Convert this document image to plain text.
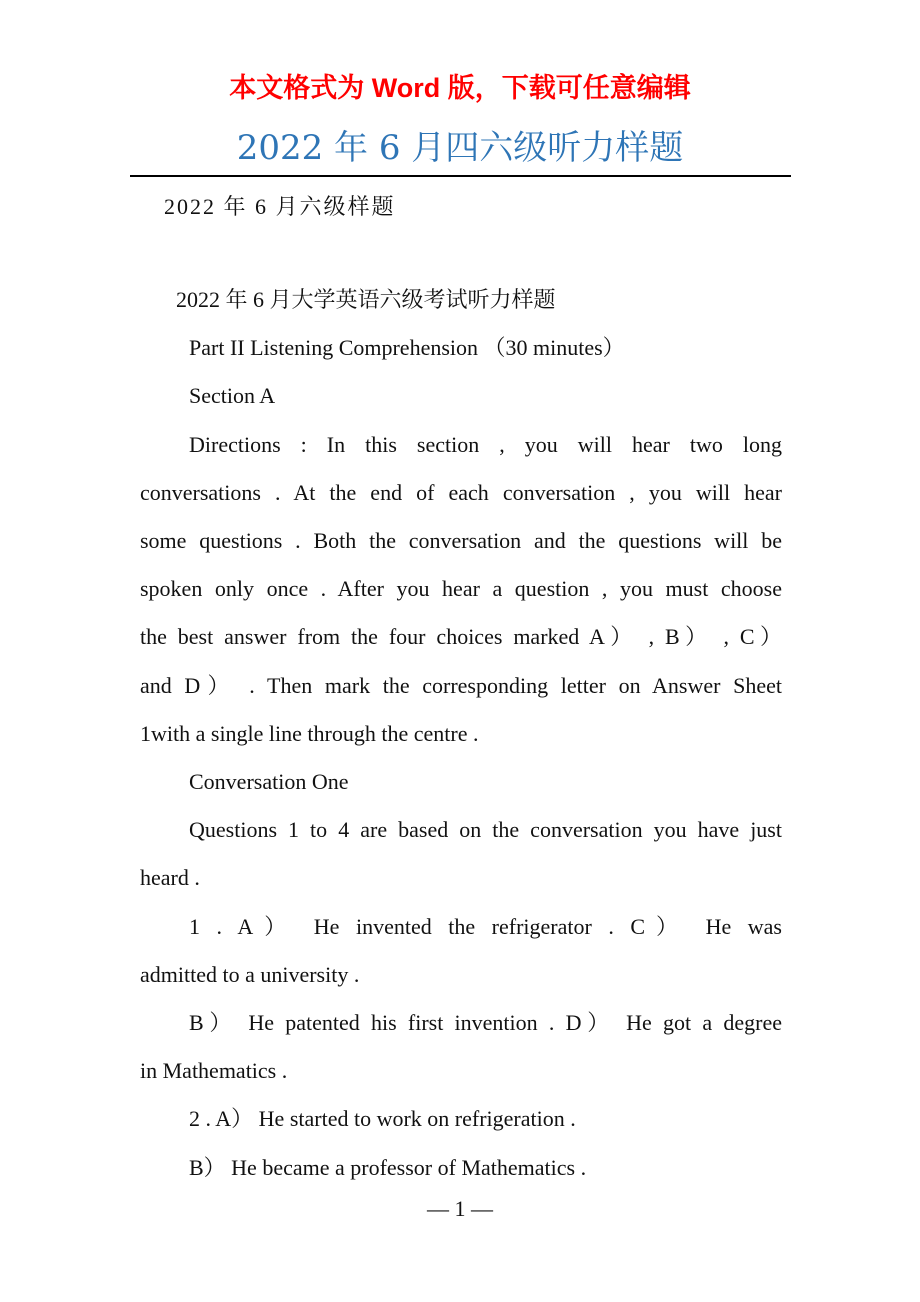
本文格式为 Word 版，下载可任意编辑
2022 年 6 月四六级听力样题
2022 年 6 月六级样题
2022 年 6 月大学英语六级考试听力样题
Part II Listening Comprehension （30 minutes）
Section A
Directions : In this section , you will hear two long
conversations . At the end of each conversation , you will hear
some questions . Both the conversation and the questions will be
spoken only once . After you hear a question , you must choose
the best answer from the four choices marked A） , B） , C）
and D） . Then mark the corresponding letter on Answer Sheet
1with a single line through the centre .
Conversation One
Questions 1 to 4 are based on the conversation you have just
heard .
1 . A） He invented the refrigerator . C） He was
admitted to a university .
B） He patented his first invention . D） He got a degree
in Mathematics .
2 . A） He started to work on refrigeration .
B） He became a professor of Mathematics .
— 1 —
